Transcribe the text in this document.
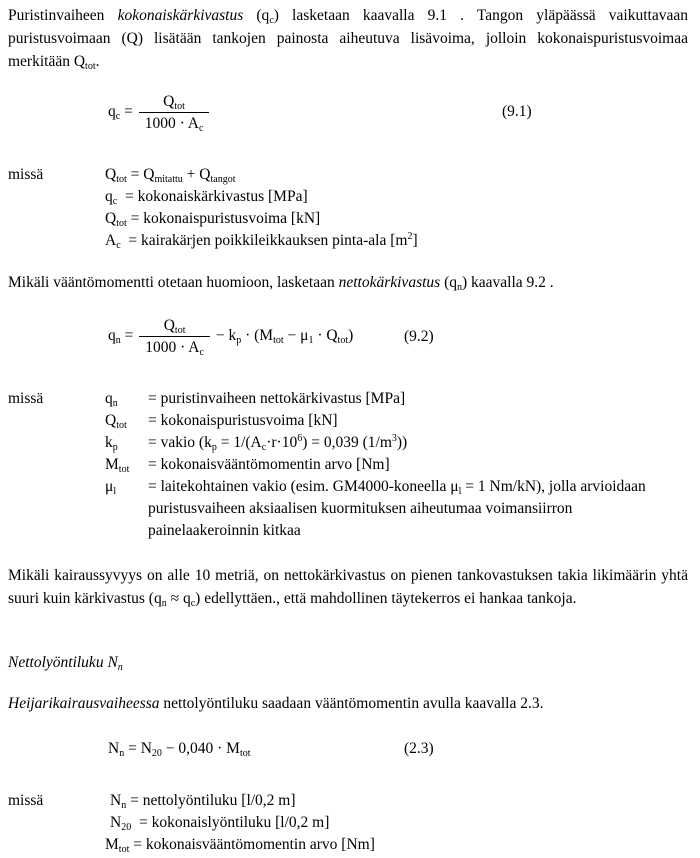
Puristinvaiheen kokonaiskärkivastus $(q_c)$ lasketaan kaavalla 9.1 . Tangon yläpäässä vaikuttavaan puristusvoimaan (Q) lisätään tankojen painosta aiheutuva lisävoima, jolloin kokonaispuristusvoimaa merkitään $Q_{tot}$.
$q_c = \frac{Q_{tot}}{1000 \cdot A_c}$	(9.1)
missä	$Q_{tot} = Q_{mitattu} + Q_{tangot}$
$q_c$  = kokonaiskärkivastus [MPa]
$Q_{tot}$ = kokonaispuristusvoima [kN]
$A_c$  = kairakärjen poikkileikkauksen pinta-ala $[m^2]$
Mikäli vääntömomentti otetaan huomioon, lasketaan nettokärkivastus $(q_n)$ kaavalla 9.2 .
$q_n = \frac{Q_{tot}}{1000 \cdot A_c} - k_p \cdot (M_{tot} - \mu_1 \cdot Q_{tot})$	(9.2)
missä	$q_n$ = puristinvaiheen nettokärkivastus [MPa]
$Q_{tot}$ = kokonaispuristusvoima [kN]
$k_p$ = vakio ($k_p = 1/(A_c\cdot r\cdot 10^6) = 0,039$ $(1/m^3)$)
$M_{tot}$ = kokonaisvääntömomentin arvo [Nm]
$\mu_l$ = laitekohtainen vakio (esim. GM4000-koneella $\mu_l = 1$ Nm/kN), jolla arvioidaan puristusvaiheen aksiaalisen kuormituksen aiheutumaa voimansiirron painelaakeroinnin kitkaa
Mikäli kairaussyvyys on alle 10 metriä, on nettokärkivastus on pienen tankovastuksen takia likimäärin yhtä suuri kuin kärkivastus $(q_n \approx q_c)$ edellyttäen., että mahdollinen täytekerros ei hankaa tankoja.
Nettolyöntiluku $N_n$
Heijarikairausvaiheessa nettolyöntiluku saadaan vääntömomentin avulla kaavalla 2.3.
$N_n = N_{20} - 0,040 \cdot M_{tot}$	(2.3)
missä	$N_n$ = nettolyöntiluku [l/0,2 m]
$N_{20}$  = kokonaislyöntiluku [l/0,2 m]
$M_{tot}$ = kokonaisvääntömomentin arvo [Nm]
